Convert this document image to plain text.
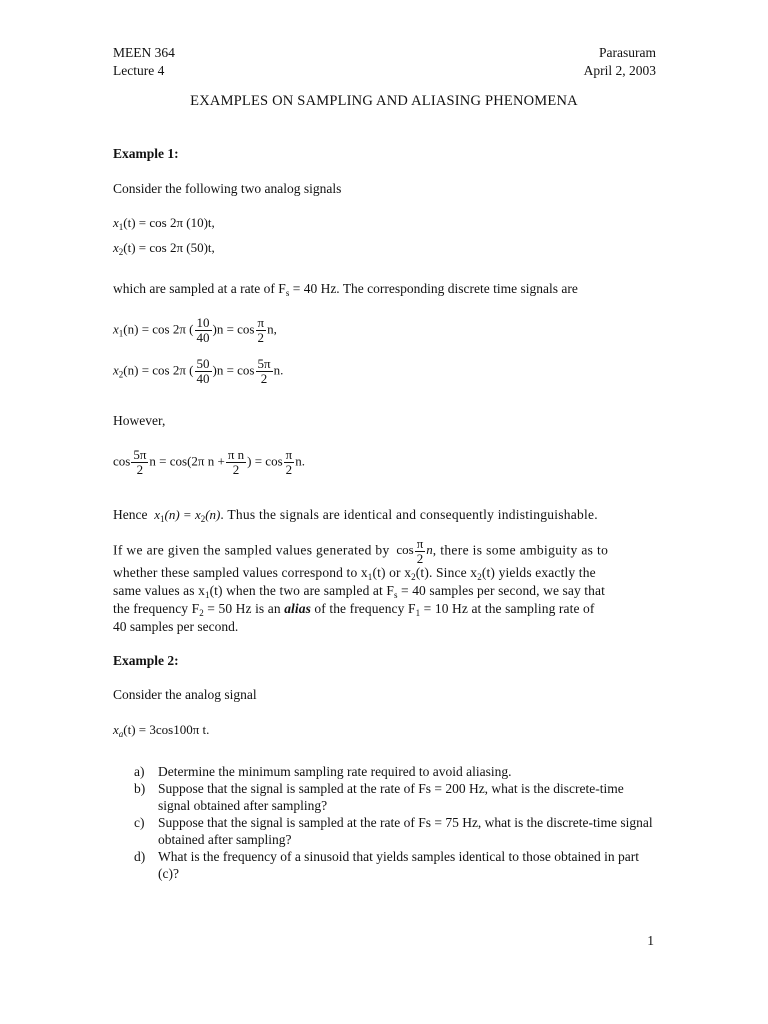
MEEN 364
Lecture 4
Parasuram
April 2, 2003
EXAMPLES ON SAMPLING AND ALIASING PHENOMENA
Example 1:
Consider the following two analog signals
$x_1(t) = \cos 2\pi$ (10)t,
$x_2(t) = \cos 2\pi$ (50)t,
which are sampled at a rate of $F_s = 40$ Hz. The corresponding discrete time signals are
$x_1(n) = \cos 2\pi$ ( $\frac{10}{40} )n = \cos \frac{\pi}{2} n$,
$x_2(n) = \cos 2\pi$ ( $\frac{50}{40} )n = \cos \frac{5\pi}{2} n$.
However,
$\cos \frac{5\pi}{2}$ n = cos(2π $n + \frac{\text{π n}}{2}$ ) = $\cos \frac{\pi}{2} n$.
Hence $x_1(n) = x_2(n)$. Thus the signals are identical and consequently indistinguishable.
If we are given the sampled values generated by $\cos \frac{\pi}{2} n$, there is some ambiguity as to
whether these sampled values correspond to $x_1(t)$ or $x_2(t)$. Since $x_2(t)$ yields exactly the
same values as $x_1(t)$ when the two are sampled at $F_s = 40$ samples per second, we say that
the frequency $F_2 = 50$ Hz is an alias of the frequency $F_1 = 10$ Hz at the sampling rate of
40 samples per second.
Example 2:
Consider the analog signal
$x_a(t) = 3\cos 100\pi$ t.
a) Determine the minimum sampling rate required to avoid aliasing.
b) Suppose that the signal is sampled at the rate of Fs = 200 Hz, what is the discrete-time signal obtained after sampling?
c) Suppose that the signal is sampled at the rate of Fs = 75 Hz, what is the discrete-time signal obtained after sampling?
d) What is the frequency of a sinusoid that yields samples identical to those obtained in part (c)?
1
